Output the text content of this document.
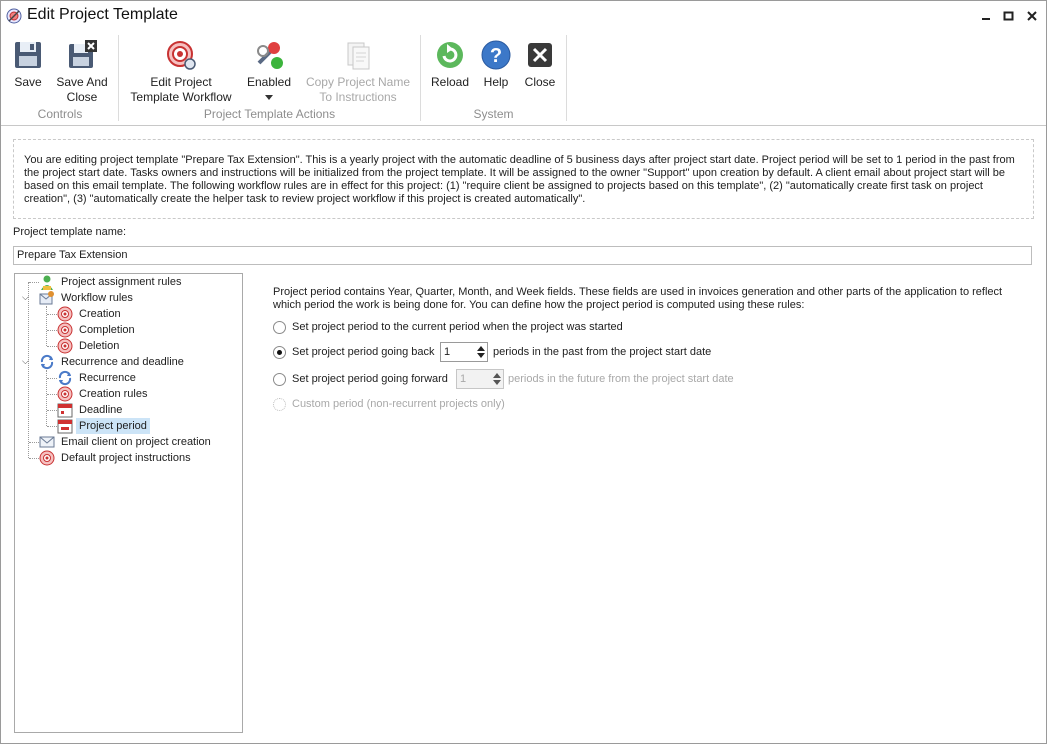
Edit Project Template
Save	Save And
Close
Controls
Edit Project
Template Workflow
Enabled Copy Project Name
To Instructions
Project Template Actions
Reload
?
Help	Close
System
You are editing project template "Prepare Tax Extension". This is a yearly project with the automatic deadline of 5 business days after project start date. Project period will be set to 1 period in the past from the project start date. Tasks owners and instructions will be initialized from the project template. It will be assigned to the owner "Support" upon creation by default. A client email about project start will be based on this email template. The following workflow rules are in effect for this project: (1) "require client be assigned to projects based on this template", (2) "automatically create first task on project creation", (3) "automatically create the helper task to review project workflow if this project is created automatically".
Project template name:
Prepare Tax Extension
Project assignment rules
⌵	Workflow rules
Creation
Completion
Deletion
⌵	Recurrence and deadline
Recurrence
Creation rules
Deadline
Project period
Email client on project creation
Default project instructions
Project period contains Year, Quarter, Month, and Week fields. These fields are used in invoices generation and other parts of the application to reflect which period the work is being done for. You can define how the project period is computed using these rules:
Set project period to the current period when the project was started
Set project period going back 1	periods in the past from the project start date
Set project period going forward 1	periods in the future from the project start date
Custom period (non-recurrent projects only)
